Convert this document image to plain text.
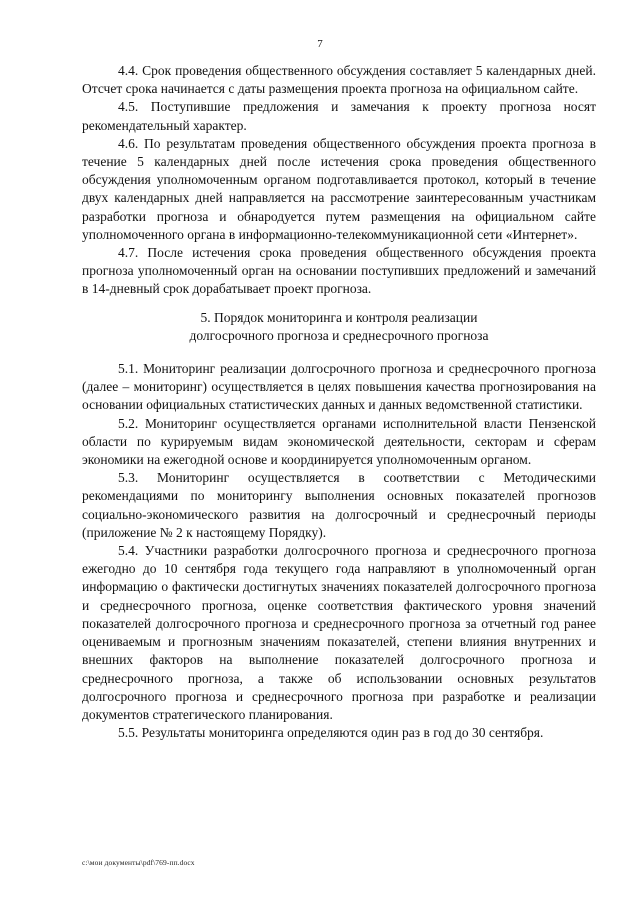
7

4.4. Срок проведения общественного обсуждения составляет 5 календарных дней. Отсчет срока начинается с даты размещения проекта прогноза на официальном сайте.

4.5. Поступившие предложения и замечания к проекту прогноза носят рекомендательный характер.

4.6. По результатам проведения общественного обсуждения проекта прогноза в течение 5 календарных дней после истечения срока проведения общественного обсуждения уполномоченным органом подготавливается протокол, который в течение двух календарных дней направляется на рассмотрение заинтересованным участникам разработки прогноза и обнародуется путем размещения на официальном сайте уполномоченного органа в информационно-телекоммуникационной сети «Интернет».

4.7. После истечения срока проведения общественного обсуждения проекта прогноза уполномоченный орган на основании поступивших предложений и замечаний в 14-дневный срок дорабатывает проект прогноза.

5. Порядок мониторинга и контроля реализации
долгосрочного прогноза и среднесрочного прогноза

5.1. Мониторинг реализации долгосрочного прогноза и среднесрочного прогноза (далее – мониторинг) осуществляется в целях повышения качества прогнозирования на основании официальных статистических данных и данных ведомственной статистики.

5.2. Мониторинг осуществляется органами исполнительной власти Пензенской области по курируемым видам экономической деятельности, секторам и сферам экономики на ежегодной основе и координируется уполномоченным органом.

5.3. Мониторинг осуществляется в соответствии с Методическими рекомендациями по мониторингу выполнения основных показателей прогнозов социально-экономического развития на долгосрочный и среднесрочный периоды (приложение № 2 к настоящему Порядку).

5.4. Участники разработки долгосрочного прогноза и среднесрочного прогноза ежегодно до 10 сентября года текущего года направляют в уполномоченный орган информацию о фактически достигнутых значениях показателей долгосрочного прогноза и среднесрочного прогноза, оценке соответствия фактического уровня значений показателей долгосрочного прогноза и среднесрочного прогноза за отчетный год ранее оцениваемым и прогнозным значениям показателей, степени влияния внутренних и внешних факторов на выполнение показателей долгосрочного прогноза и среднесрочного прогноза, а также об использовании основных результатов долгосрочного прогноза и среднесрочного прогноза при разработке и реализации документов стратегического планирования.

5.5. Результаты мониторинга определяются один раз в год до 30 сентября.

c:\мои документы\pdf\769-пп.docx
